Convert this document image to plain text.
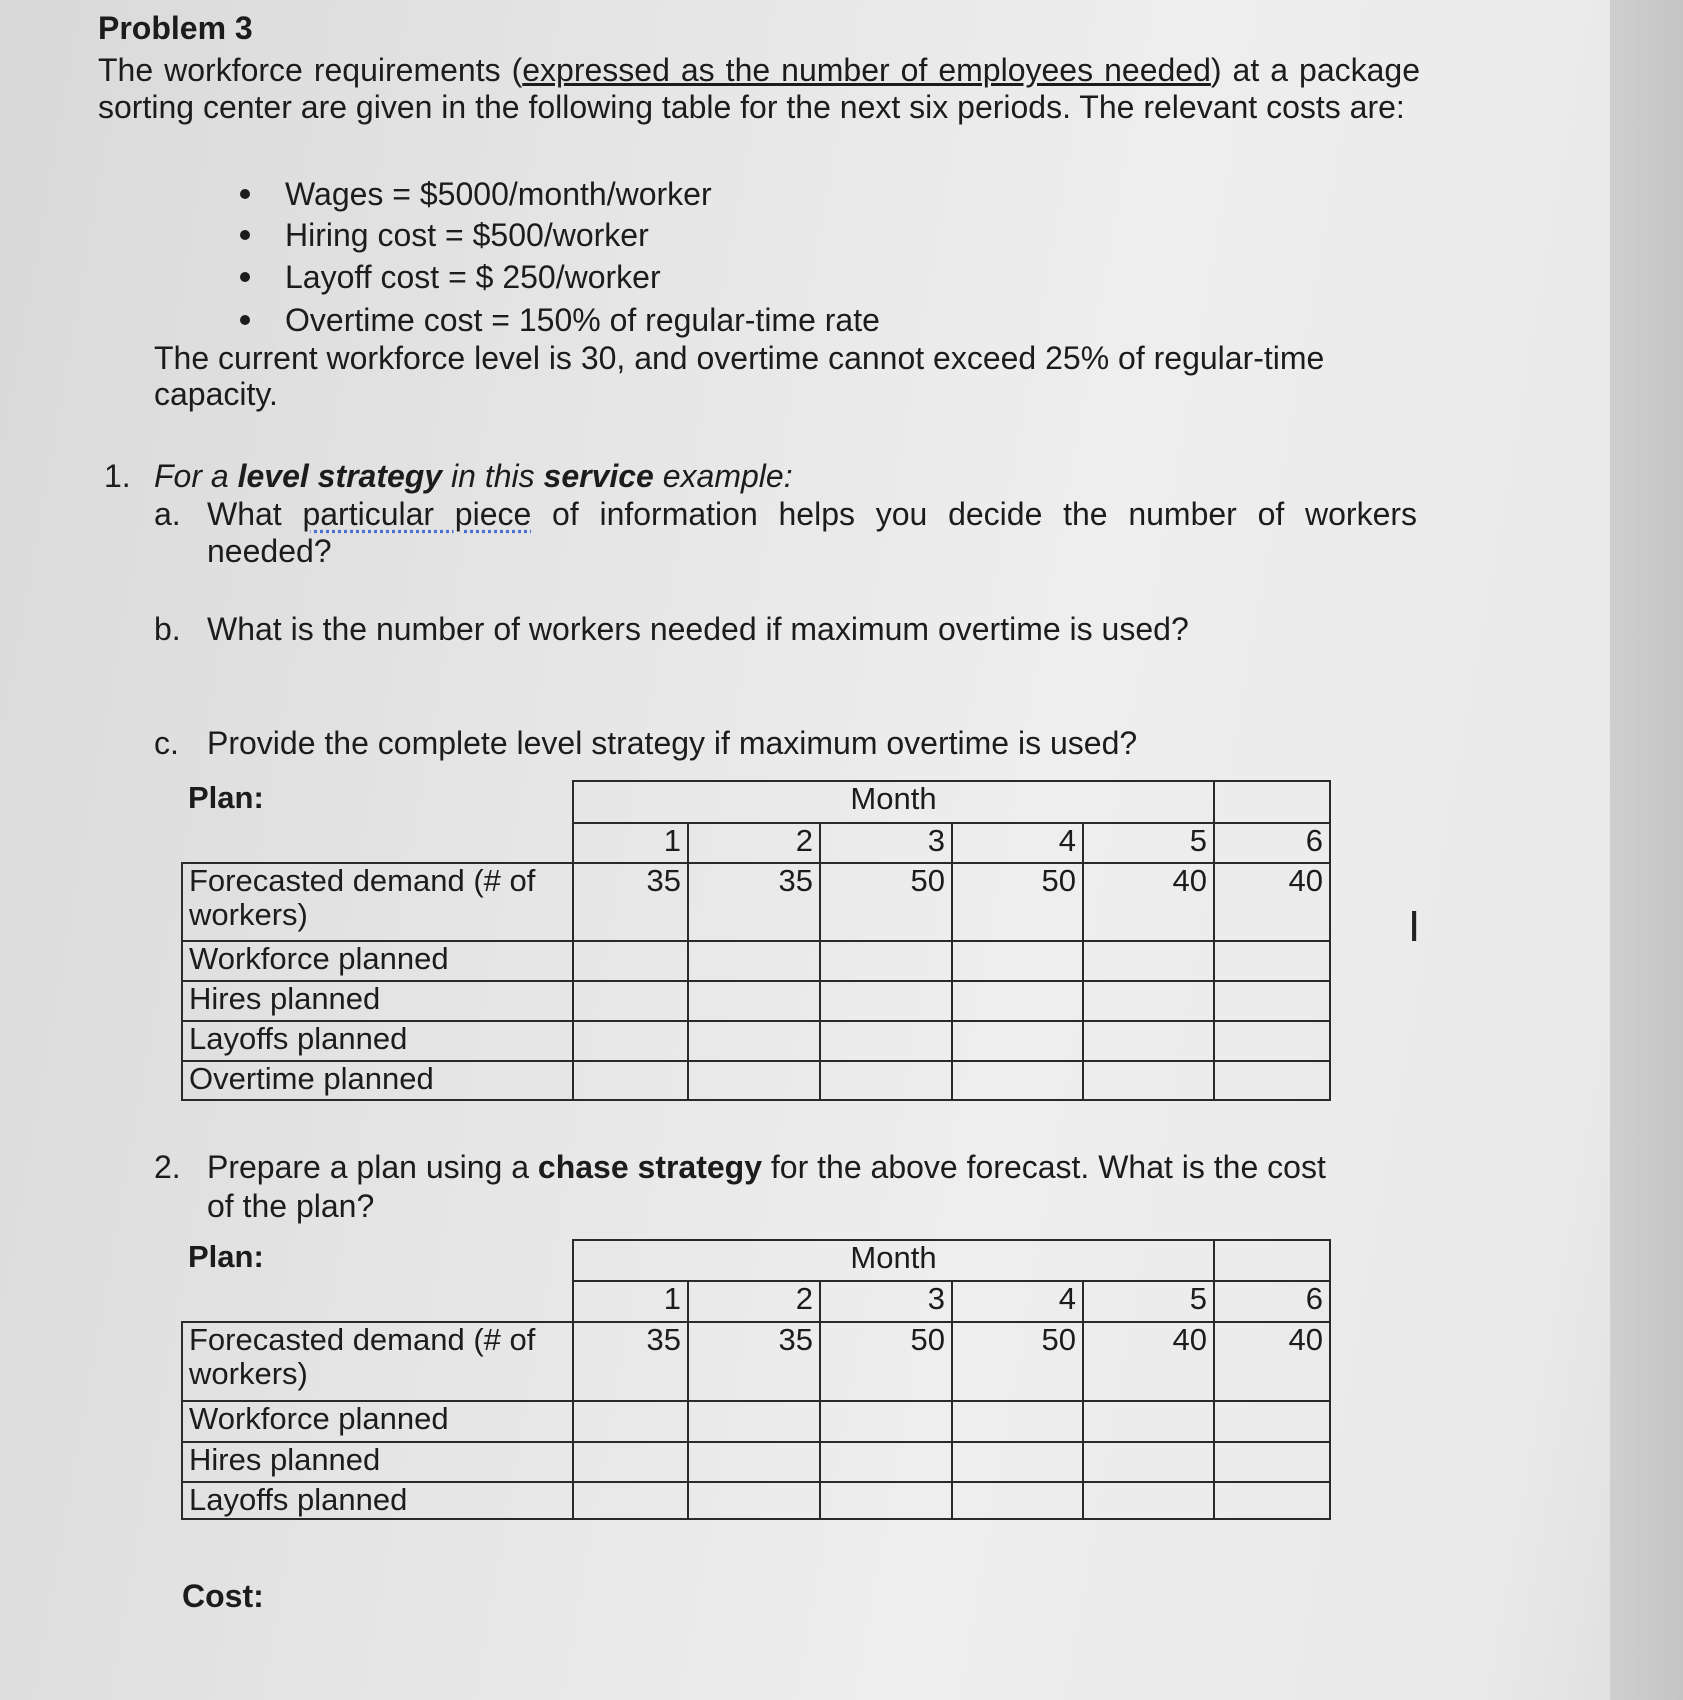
Problem 3
The workforce requirements (expressed as the number of employees needed) at a package sorting center are given in the following table for the next six periods. The relevant costs are:
Wages = $5000/month/worker
Hiring cost = $500/worker
Layoff cost = $ 250/worker
Overtime cost = 150% of regular-time rate
The current workforce level is 30, and overtime cannot exceed 25% of regular-time
capacity.
1. For a level strategy in this service example:
a. What particular piece of information helps you decide the number of workers needed?
b. What is the number of workers needed if maximum overtime is used?
c. Provide the complete level strategy if maximum overtime is used?
Plan:	Month					
	1	2	3	4	5	6
Forecasted demand (# of workers)	35	35	50	50	40	40
Workforce planned						
Hires planned						
Layoffs planned						
Overtime planned						
I
2. Prepare a plan using a chase strategy for the above forecast. What is the cost
of the plan?
Plan:	Month					
	1	2	3	4	5	6
Forecasted demand (# of workers)	35	35	50	50	40	40
Workforce planned						
Hires planned						
Layoffs planned						
Cost:
